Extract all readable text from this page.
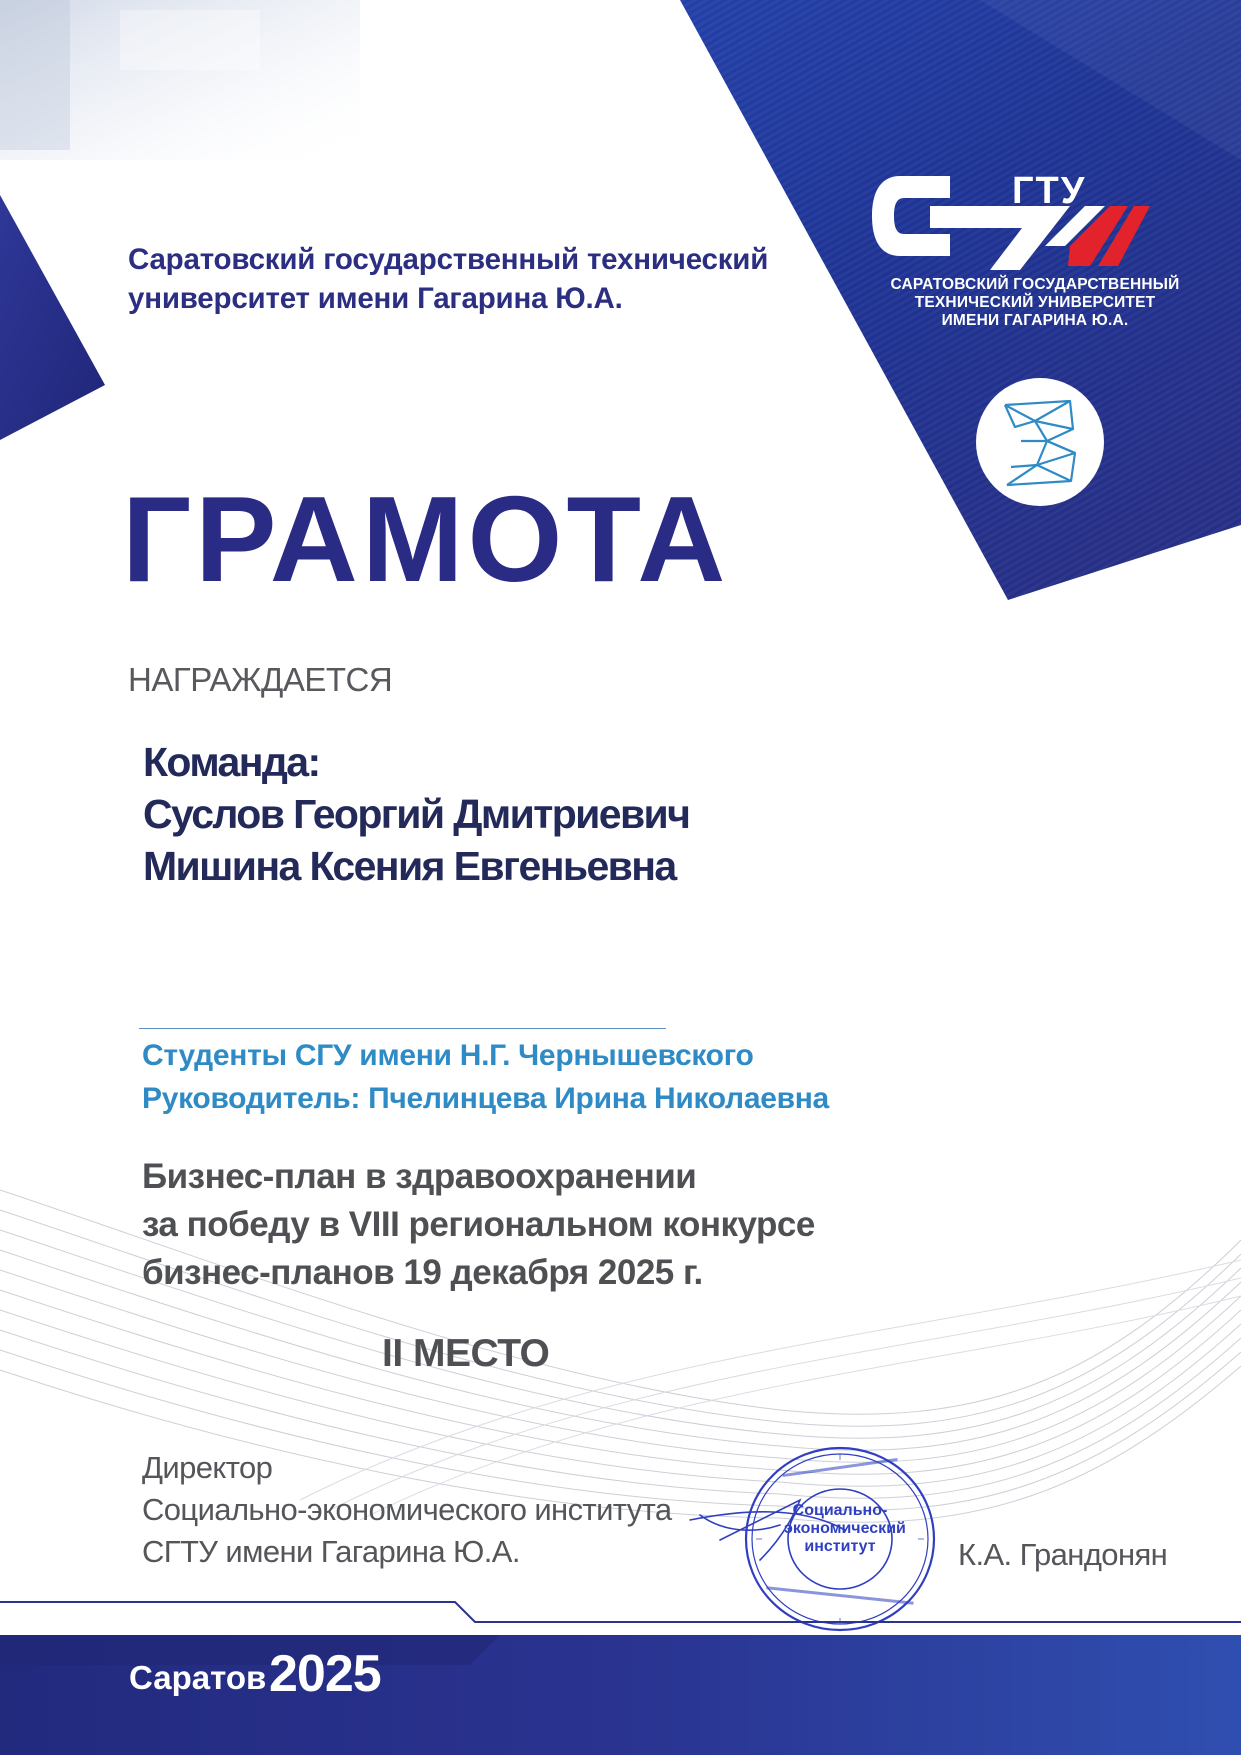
ГТУ
САРАТОВСКИЙ ГОСУДАРСТВЕННЫЙ
ТЕХНИЧЕСКИЙ УНИВЕРСИТЕТ
ИМЕНИ ГАГАРИНА Ю.А.
Саратовский государственный технический
университет имени Гагарина Ю.А.
ГРАМОТА
НАГРАЖДАЕТСЯ
Команда:
Суслов Георгий Дмитриевич
Мишина Ксения Евгеньевна
Студенты СГУ имени Н.Г. Чернышевского
Руководитель: Пчелинцева Ирина Николаевна
Бизнес-план в здравоохранении
за победу в VIII региональном конкурсе
бизнес-планов 19 декабря 2025 г.
II МЕСТО
Директор
Социально-экономического института
СГТУ имени Гагарина Ю.А.
Социально-
экономический
институт	К.А. Грандонян
Саратов 2025
